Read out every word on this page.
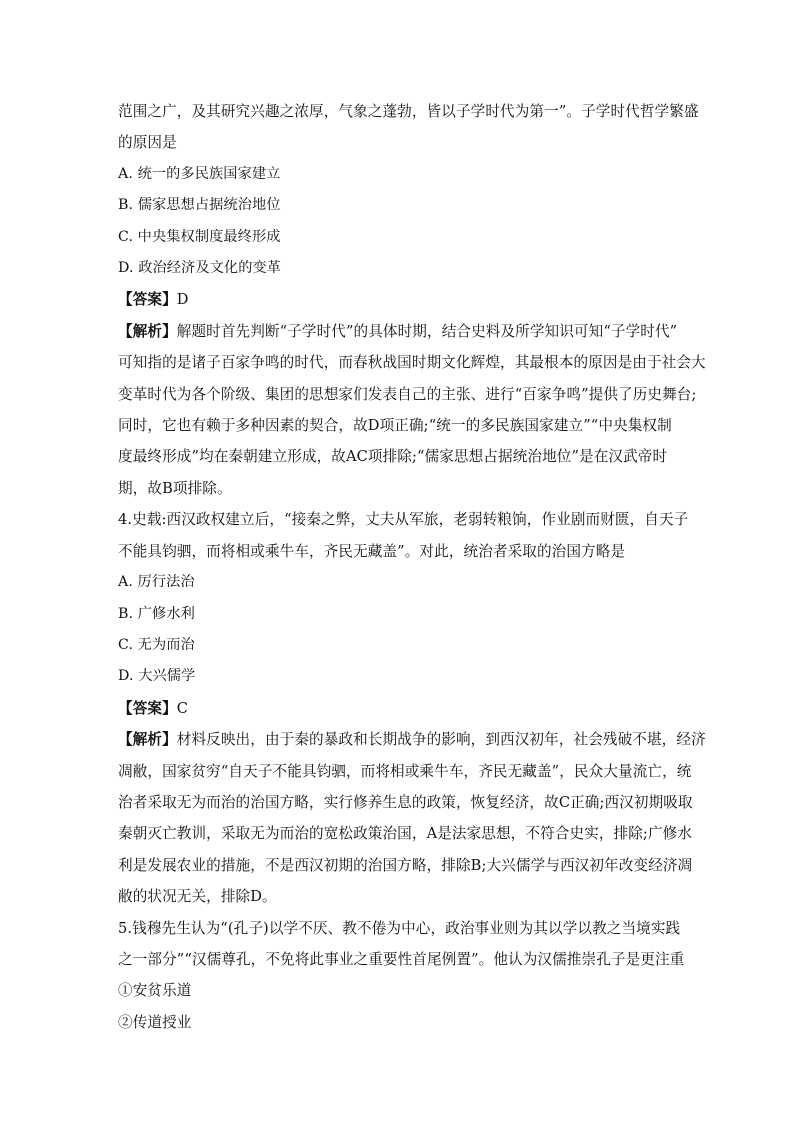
范围之广，及其研究兴趣之浓厚，气象之蓬勃，皆以子学时代为第一”。子学时代哲学繁盛
的原因是
A. 统一的多民族国家建立
B. 儒家思想占据统治地位
C. 中央集权制度最终形成
D. 政治经济及文化的变革
【答案】D
【解析】解题时首先判断“子学时代”的具体时期，结合史料及所学知识可知“子学时代”
可知指的是诸子百家争鸣的时代，而春秋战国时期文化辉煌，其最根本的原因是由于社会大
变革时代为各个阶级、集团的思想家们发表自己的主张、进行“百家争鸣”提供了历史舞台;
同时，它也有赖于多种因素的契合，故D项正确;“统一的多民族国家建立”“中央集权制
度最终形成”均在秦朝建立形成，故AC项排除;“儒家思想占据统治地位”是在汉武帝时
期，故B项排除。
4.史载:西汉政权建立后，“接秦之弊，丈夫从军旅，老弱转粮饷，作业剧而财匮，自天子
不能具钧驷，而将相或乘牛车，齐民无藏盖”。对此，统治者采取的治国方略是
A. 厉行法治
B. 广修水利
C. 无为而治
D. 大兴儒学
【答案】C
【解析】材料反映出，由于秦的暴政和长期战争的影响，到西汉初年，社会残破不堪，经济
凋敝，国家贫穷“自天子不能具钧驷，而将相或乘牛车，齐民无藏盖”，民众大量流亡，统
治者采取无为而治的治国方略，实行修养生息的政策，恢复经济，故C正确;西汉初期吸取
秦朝灭亡教训，采取无为而治的宽松政策治国，A是法家思想，不符合史实，排除;广修水
利是发展农业的措施，不是西汉初期的治国方略，排除B;大兴儒学与西汉初年改变经济凋
敝的状况无关，排除D。
5.钱穆先生认为“(孔子)以学不厌、教不倦为中心，政治事业则为其以学以教之当境实践
之一部分”“汉儒尊孔，不免将此事业之重要性首尾例置”。他认为汉儒推崇孔子是更注重
①安贫乐道
②传道授业
